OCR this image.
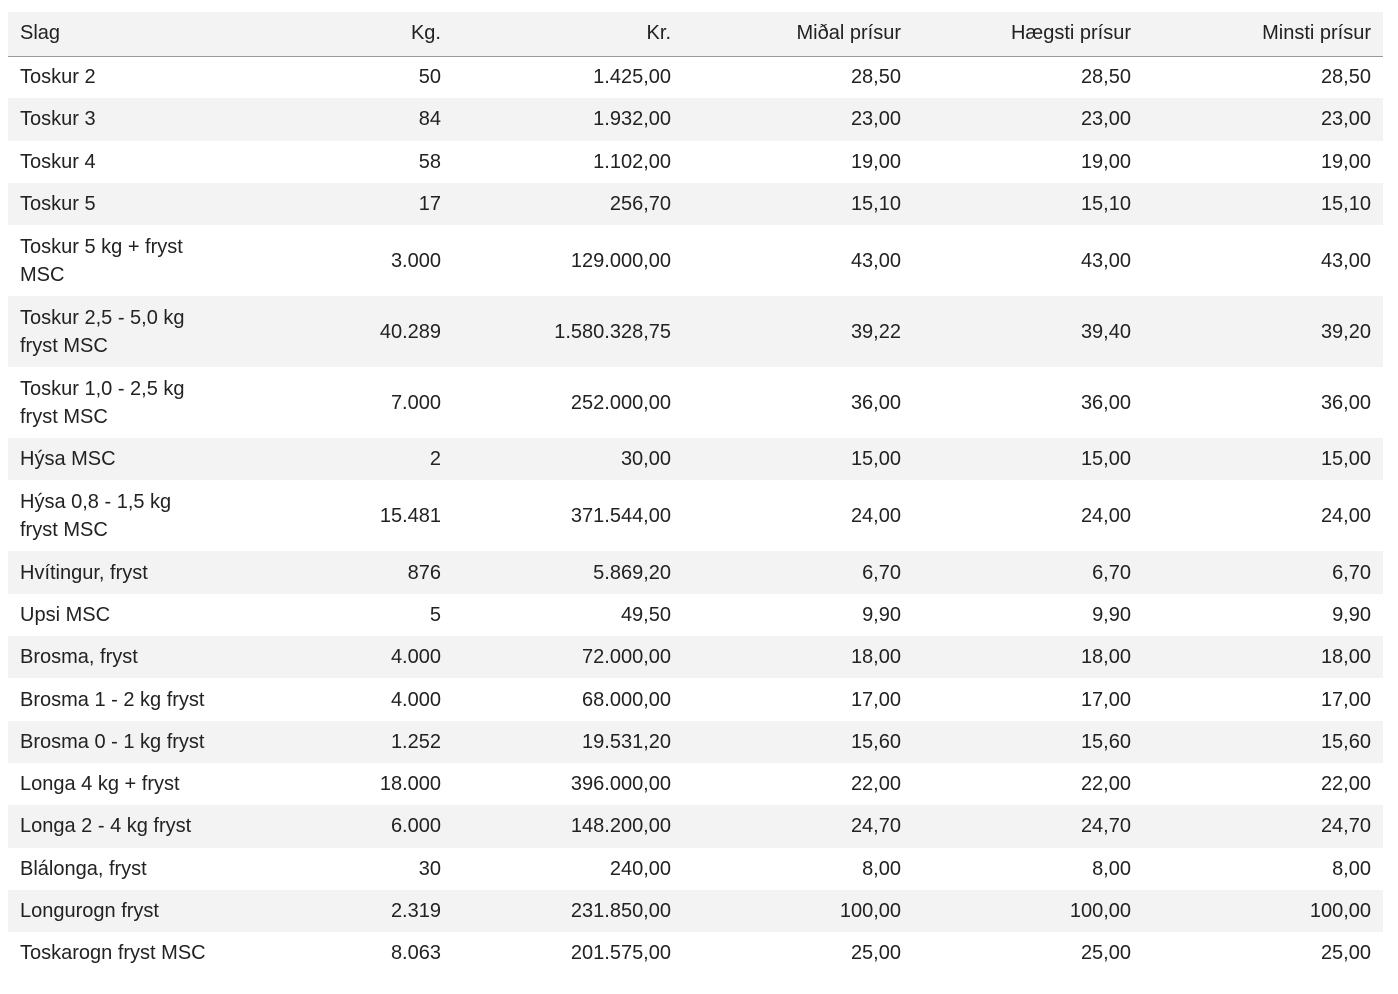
Slag	Kg.	Kr.	Miðal prísur	Hægsti prísur	Minsti prísur
Toskur 2	50	1.425,00	28,50	28,50	28,50
Toskur 3	84	1.932,00	23,00	23,00	23,00
Toskur 4	58	1.102,00	19,00	19,00	19,00
Toskur 5	17	256,70	15,10	15,10	15,10
Toskur 5 kg + fryst MSC	3.000	129.000,00	43,00	43,00	43,00
Toskur 2,5 - 5,0 kg fryst MSC	40.289	1.580.328,75	39,22	39,40	39,20
Toskur 1,0 - 2,5 kg fryst MSC	7.000	252.000,00	36,00	36,00	36,00
Hýsa MSC	2	30,00	15,00	15,00	15,00
Hýsa 0,8 - 1,5 kg fryst MSC	15.481	371.544,00	24,00	24,00	24,00
Hvítingur, fryst	876	5.869,20	6,70	6,70	6,70
Upsi MSC	5	49,50	9,90	9,90	9,90
Brosma, fryst	4.000	72.000,00	18,00	18,00	18,00
Brosma 1 - 2 kg fryst	4.000	68.000,00	17,00	17,00	17,00
Brosma 0 - 1 kg fryst	1.252	19.531,20	15,60	15,60	15,60
Longa 4 kg + fryst	18.000	396.000,00	22,00	22,00	22,00
Longa 2 - 4 kg fryst	6.000	148.200,00	24,70	24,70	24,70
Blálonga, fryst	30	240,00	8,00	8,00	8,00
Longurogn fryst	2.319	231.850,00	100,00	100,00	100,00
Toskarogn fryst MSC	8.063	201.575,00	25,00	25,00	25,00
